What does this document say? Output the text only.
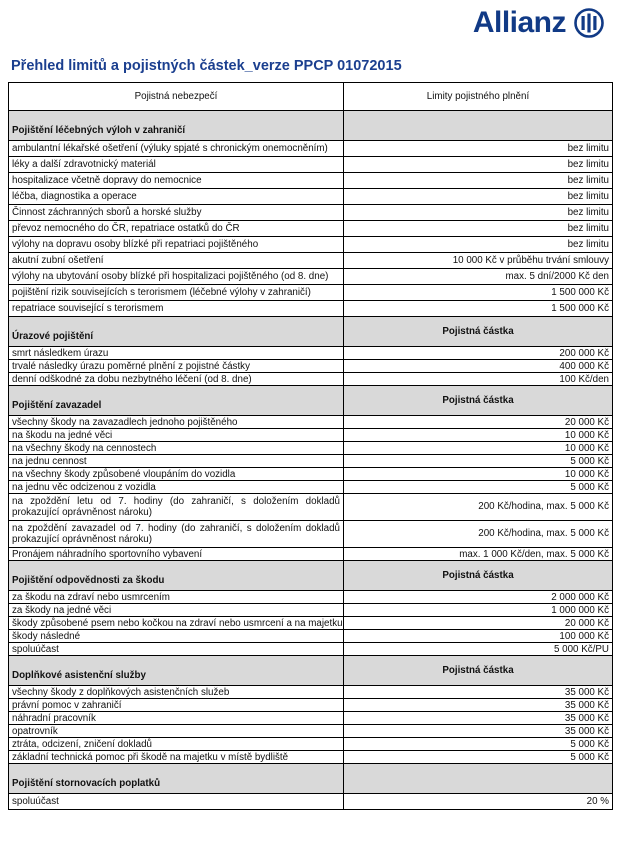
Allianz
Přehled limitů a pojistných částek_verze PPCP 01072015
Pojistná nebezpečí	Limity pojistného plnění
Pojištění léčebných výloh v zahraničí	
ambulantní lékařské ošetření (výluky spjaté s chronickým onemocněním)	bez limitu
léky a další zdravotnický materiál	bez limitu
hospitalizace včetně dopravy do nemocnice	bez limitu
léčba, diagnostika a operace	bez limitu
Činnost záchranných sborů a horské služby	bez limitu
převoz nemocného do ČR, repatriace ostatků do ČR	bez limitu
výlohy na dopravu osoby blízké při repatriaci pojištěného	bez limitu
akutní zubní ošetření	10 000 Kč v průběhu trvání smlouvy
výlohy na ubytování osoby blízké při hospitalizaci pojištěného (od 8. dne)	max. 5 dní/2000 Kč den
pojištění rizik souvisejících s terorismem (léčebné výlohy v zahraničí)	1 500 000 Kč
repatriace související s terorismem	1 500 000 Kč
Úrazové pojištění	Pojistná částka
smrt následkem úrazu	200 000 Kč
trvalé následky úrazu poměrné plnění z pojistné částky	400 000 Kč
denní odškodné za dobu nezbytného léčení (od 8. dne)	100 Kč/den
Pojištění zavazadel	Pojistná částka
všechny škody na zavazadlech jednoho pojištěného	20 000 Kč
na škodu na jedné věci	10 000 Kč
na všechny škody na cennostech	10 000 Kč
na jednu cennost	5 000 Kč
na všechny škody způsobené vloupáním do vozidla	10 000 Kč
na jednu věc odcizenou z vozidla	5 000 Kč
na zpoždění letu od 7. hodiny (do zahraničí, s doložením dokladů prokazující oprávněnost nároku)	200 Kč/hodina, max. 5 000 Kč
na zpoždění zavazadel od 7. hodiny (do zahraničí, s doložením dokladů prokazující oprávněnost nároku)	200 Kč/hodina, max. 5 000 Kč
Pronájem náhradního sportovního vybavení	max. 1 000 Kč/den, max. 5 000 Kč
Pojištění odpovědnosti za škodu	Pojistná částka
za škodu na zdraví nebo usmrcením	2 000 000 Kč
za škody na jedné věci	1 000 000 Kč
škody způsobené psem nebo kočkou na zdraví nebo usmrcení a na majetku	20 000 Kč
škody následné	100 000 Kč
spoluúčast	5 000 Kč/PU
Doplňkové asistenční služby	Pojistná částka
všechny škody z doplňkových asistenčních služeb	35 000 Kč
právní pomoc v zahraničí	35 000 Kč
náhradní pracovník	35 000 Kč
opatrovník	35 000 Kč
ztráta, odcizení, zničení dokladů	5 000 Kč
základní technická pomoc při škodě na majetku v místě bydliště	5 000 Kč
Pojištění stornovacích poplatků	
spoluúčast	20 %
